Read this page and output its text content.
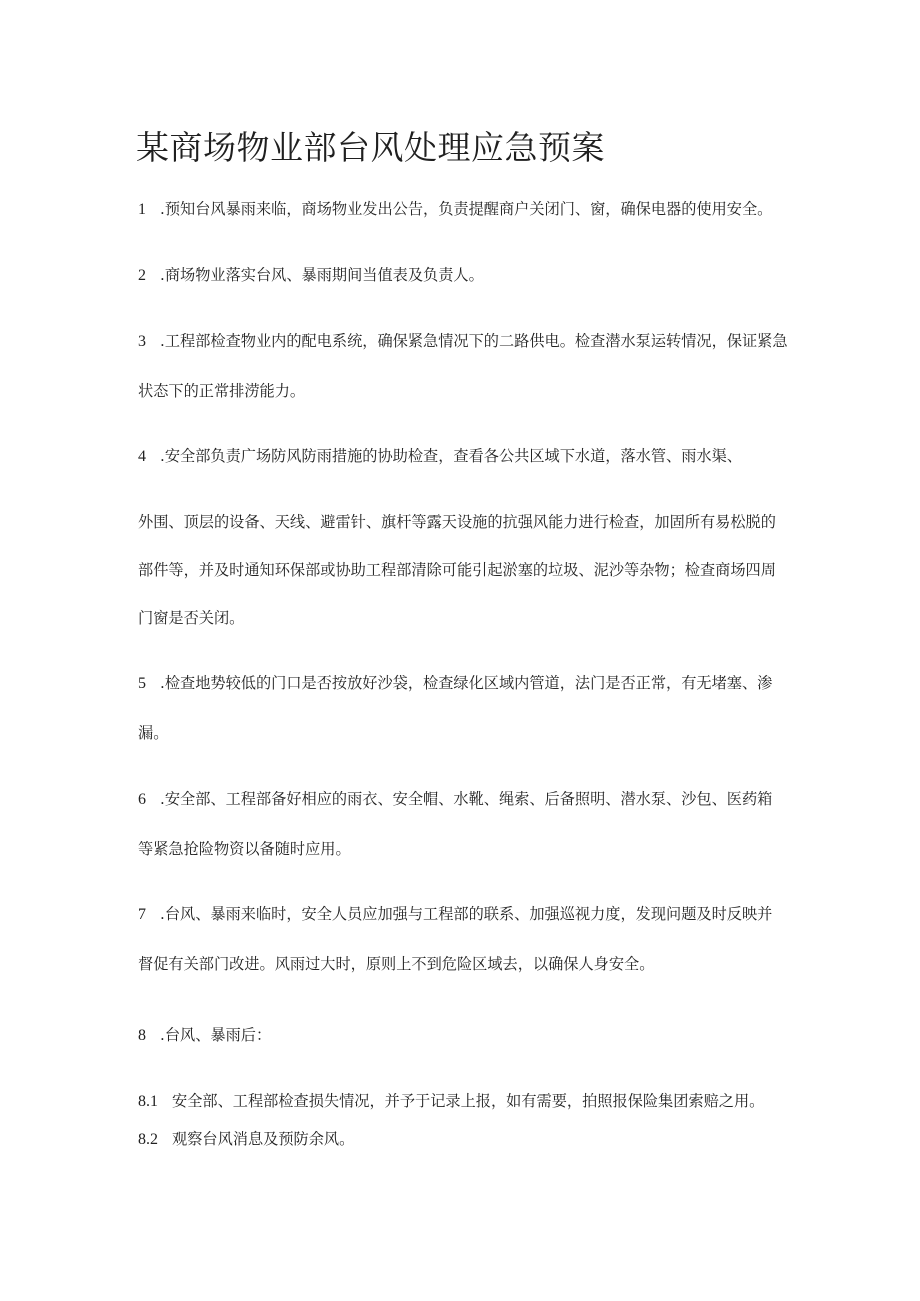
某商场物业部台风处理应急预案
1 .预知台风暴雨来临，商场物业发出公告，负责提醒商户关闭门、窗，确保电器的使用安全。
2 .商场物业落实台风、暴雨期间当值表及负责人。
3 .工程部检查物业内的配电系统，确保紧急情况下的二路供电。检查潜水泵运转情况，保证紧急
状态下的正常排涝能力。
4 .安全部负责广场防风防雨措施的协助检查，查看各公共区域下水道，落水管、雨水渠、
外围、顶层的设备、天线、避雷针、旗杆等露天设施的抗强风能力进行检查，加固所有易松脱的
部件等，并及时通知环保部或协助工程部清除可能引起淤塞的垃圾、泥沙等杂物；检查商场四周
门窗是否关闭。
5 .检查地势较低的门口是否按放好沙袋，检查绿化区域内管道，法门是否正常，有无堵塞、渗
漏。
6 .安全部、工程部备好相应的雨衣、安全帽、水靴、绳索、后备照明、潜水泵、沙包、医药箱
等紧急抢险物资以备随时应用。
7 .台风、暴雨来临时，安全人员应加强与工程部的联系、加强巡视力度，发现问题及时反映并
督促有关部门改进。风雨过大时，原则上不到危险区域去，以确保人身安全。
8 .台风、暴雨后：
8.1 安全部、工程部检查损失情况，并予于记录上报，如有需要，拍照报保险集团索赔之用。
8.2 观察台风消息及预防余风。
